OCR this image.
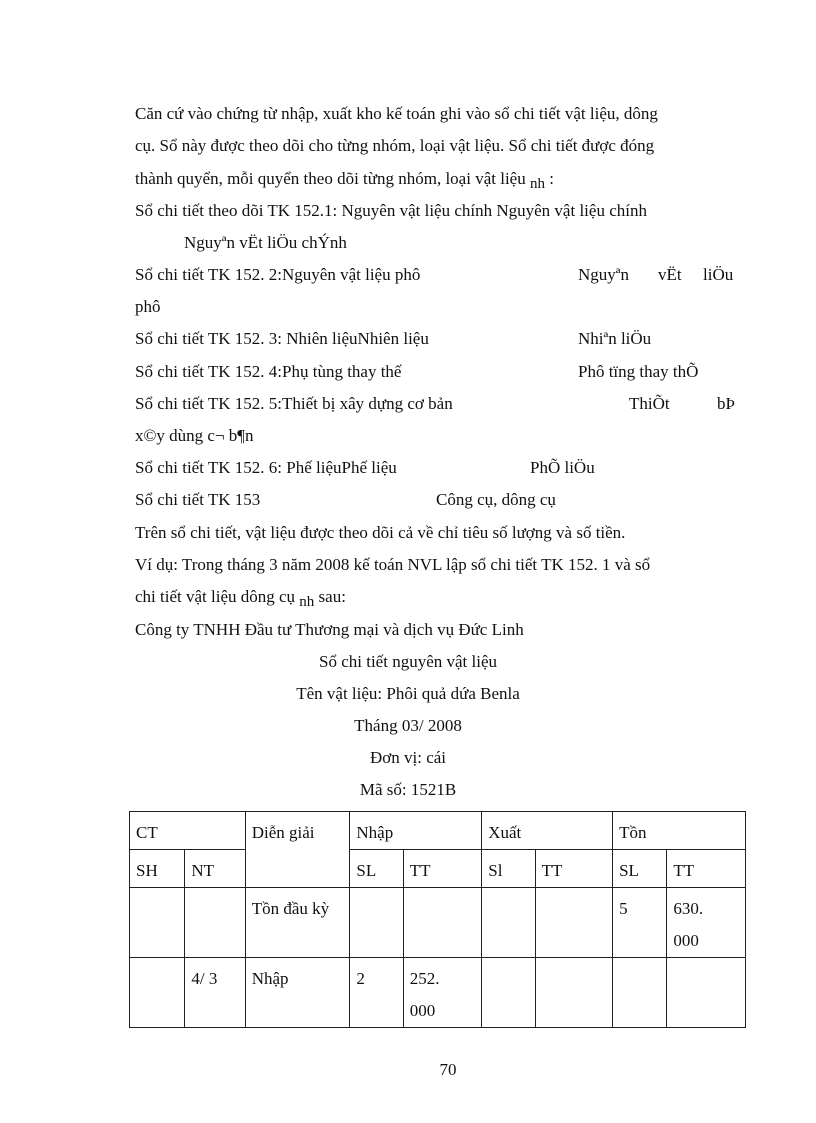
Căn cứ vào chứng từ nhập, xuất kho kế toán ghi vào sổ chi tiết vật liệu, dông
cụ. Sổ này được theo dõi cho từng nhóm, loại vật liệu. Sổ chi tiết được đóng
thành quyển, mỗi quyển theo dõi từng nhóm, loại vật liệu nh :
Sổ chi tiết theo dõi TK 152.1: Nguyên vật liệu chính Nguyên vật liệu chính
Nguyªn vËt liÖu chÝnh
Sổ chi tiết TK 152. 2:Nguyên vật liệu phô	Nguyªn vËt liÖu
phô
Sổ chi tiết TK 152. 3: Nhiên liệuNhiên liệu	Nhiªn liÖu
Sổ chi tiết TK 152. 4:Phụ tùng thay thế	Phô tïng thay thÕ
Sổ chi tiết TK 152. 5:Thiết bị xây dựng cơ bản	ThiÕt	bÞ
x©y dùng c¬ b¶n
Sổ chi tiết TK 152. 6: Phế liệuPhế liệu	PhÕ liÖu
Sổ chi tiết TK 153	Công cụ, dông cụ
Trên sổ chi tiết, vật liệu được theo dõi cả về chỉ tiêu số lượng và số tiền.
Ví dụ: Trong tháng 3 năm 2008 kế toán NVL lập sổ chi tiết TK 152. 1 và sổ
chi tiết vật liệu dông cụ nh sau:
Công ty TNHH Đầu tư Thương mại và dịch vụ Đức Linh
Sổ chi tiết nguyên vật liệu
Tên vật liệu: Phôi quả dứa Benla
Tháng 03/ 2008
Đơn vị: cái
Mã số: 1521B
CT		Diễn giải	Nhập		Xuất		Tồn	
SH	NT		SL	TT	Sl	TT	SL	TT
		Tồn đầu kỳ					5	630.
000

	4/ 3	Nhập	2	252.
000				

70
